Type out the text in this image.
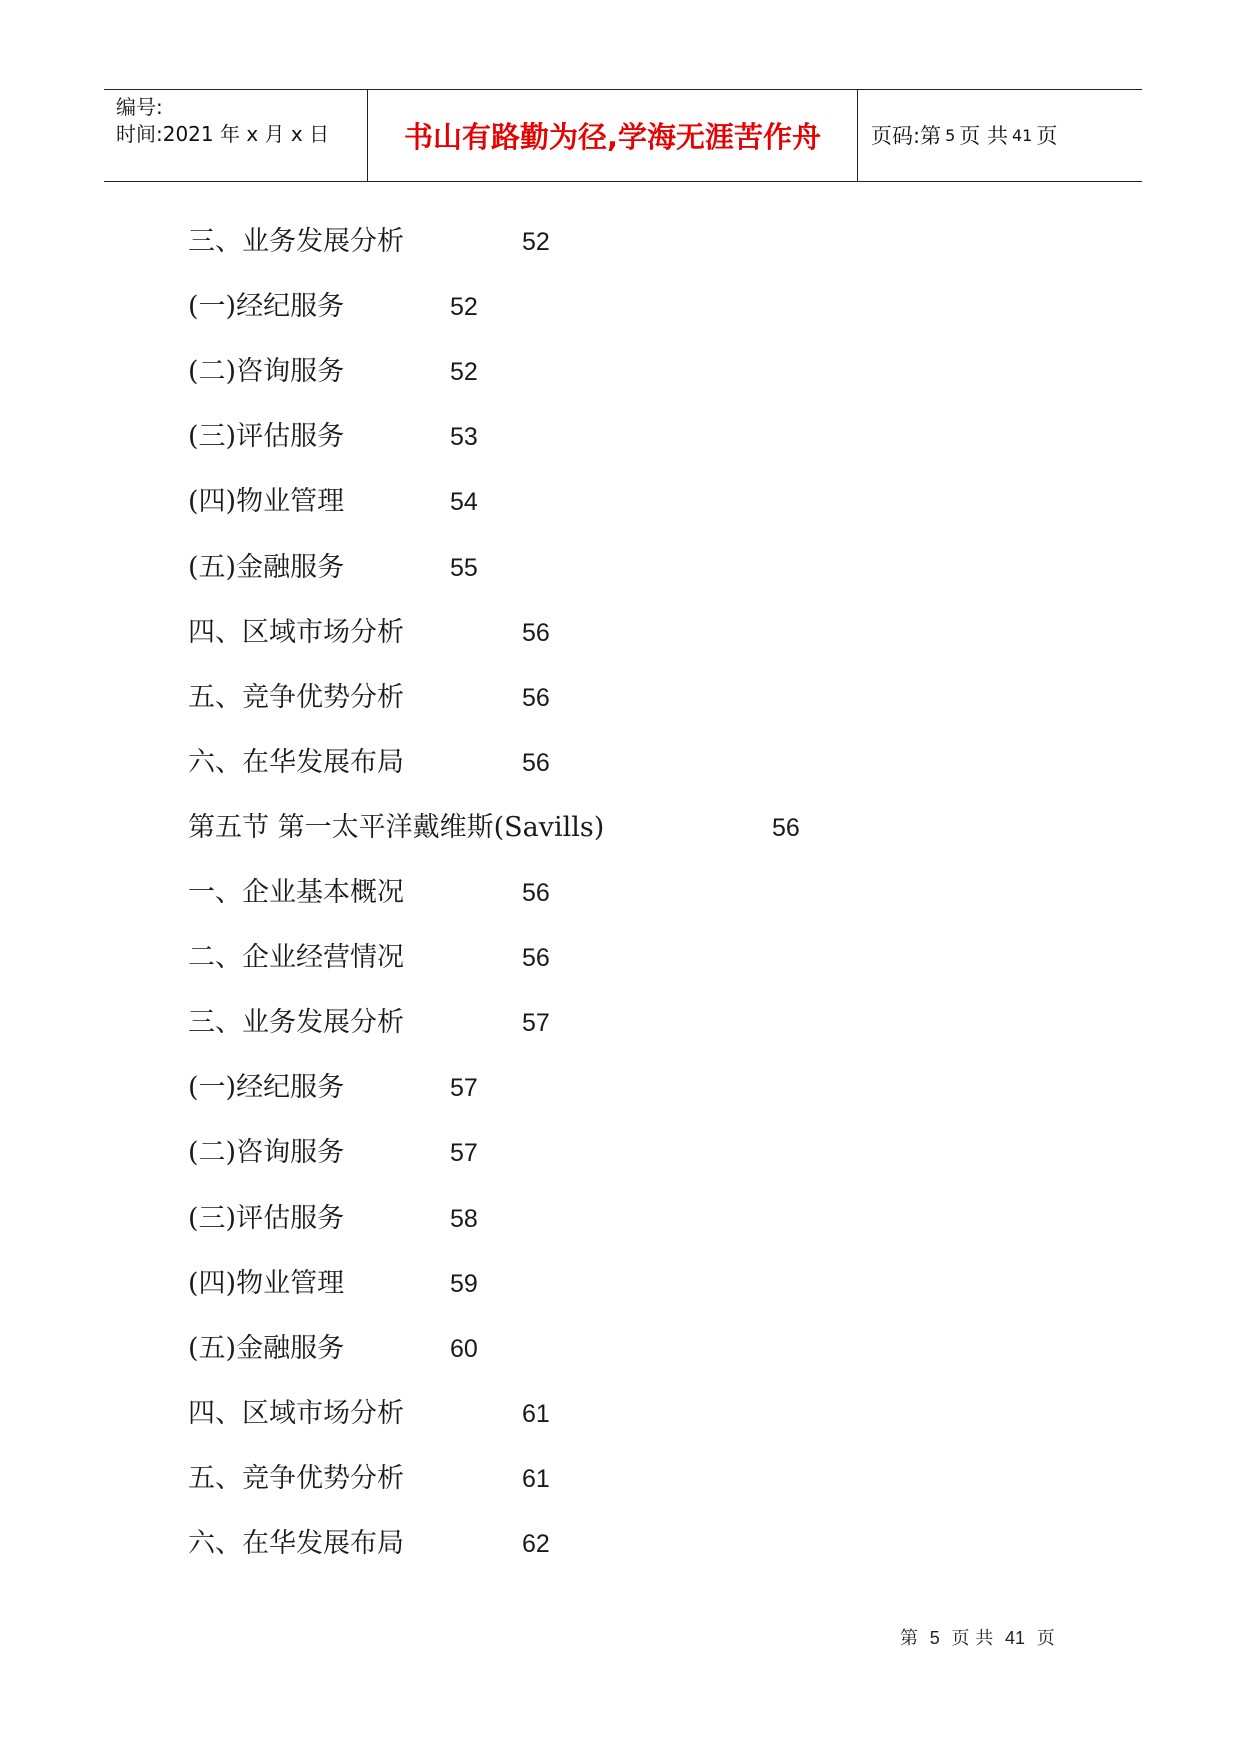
编号:
时间:2021 年 x 月 x 日	书山有路勤为径,学海无涯苦作舟	页码:第 5 页 共 41 页
三、业务发展分析	52
(一)经纪服务	52
(二)咨询服务	52
(三)评估服务	53
(四)物业管理	54
(五)金融服务	55
四、区域市场分析	56
五、竞争优势分析	56
六、在华发展布局	56
第五节 第一太平洋戴维斯(Savills)	56
一、企业基本概况	56
二、企业经营情况	56
三、业务发展分析	57
(一)经纪服务	57
(二)咨询服务	57
(三)评估服务	58
(四)物业管理	59
(五)金融服务	60
四、区域市场分析	61
五、竞争优势分析	61
六、在华发展布局	62
第 5 页 共 41 页
